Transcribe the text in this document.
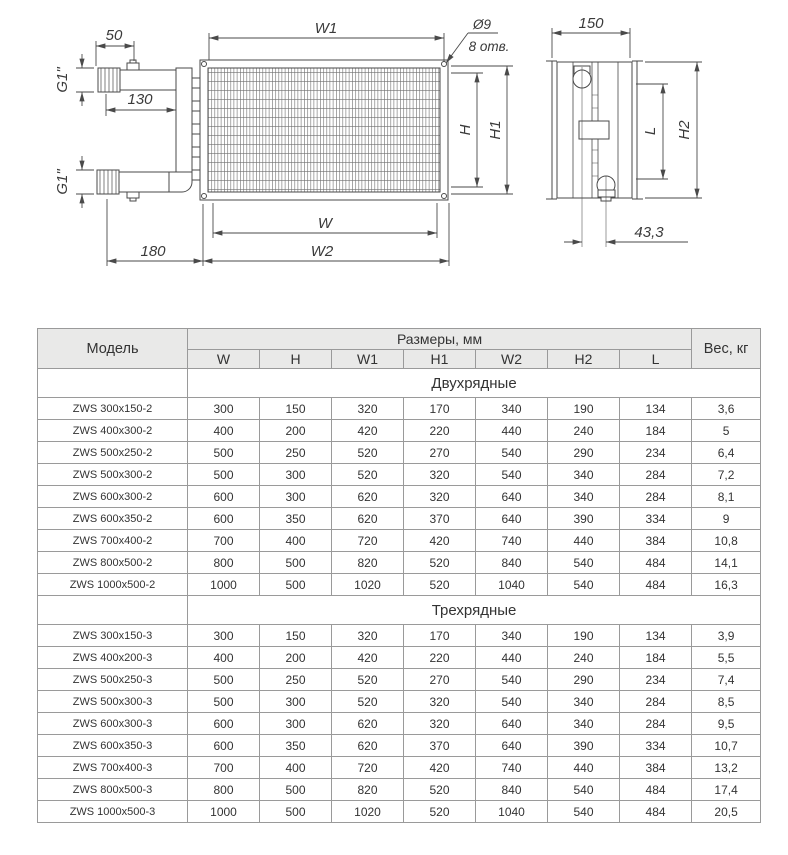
W1	Ø9
8 отв.
50
G1"
130
G1"
H H1
W
180	W2
150
L H2
43,3
Модель	Размеры, мм							Вес, кг
	W	H	W1	H1	W2	H2	L	
	Двухрядные							
ZWS 300x150-2	300	150	320	170	340	190	134	3,6
ZWS 400x300-2	400	200	420	220	440	240	184	5
ZWS 500x250-2	500	250	520	270	540	290	234	6,4
ZWS 500x300-2	500	300	520	320	540	340	284	7,2
ZWS 600x300-2	600	300	620	320	640	340	284	8,1
ZWS 600x350-2	600	350	620	370	640	390	334	9
ZWS 700x400-2	700	400	720	420	740	440	384	10,8
ZWS 800x500-2	800	500	820	520	840	540	484	14,1
ZWS 1000x500-2	1000	500	1020	520	1040	540	484	16,3
	Трехрядные							
ZWS 300x150-3	300	150	320	170	340	190	134	3,9
ZWS 400x200-3	400	200	420	220	440	240	184	5,5
ZWS 500x250-3	500	250	520	270	540	290	234	7,4
ZWS 500x300-3	500	300	520	320	540	340	284	8,5
ZWS 600x300-3	600	300	620	320	640	340	284	9,5
ZWS 600x350-3	600	350	620	370	640	390	334	10,7
ZWS 700x400-3	700	400	720	420	740	440	384	13,2
ZWS 800x500-3	800	500	820	520	840	540	484	17,4
ZWS 1000x500-3	1000	500	1020	520	1040	540	484	20,5
